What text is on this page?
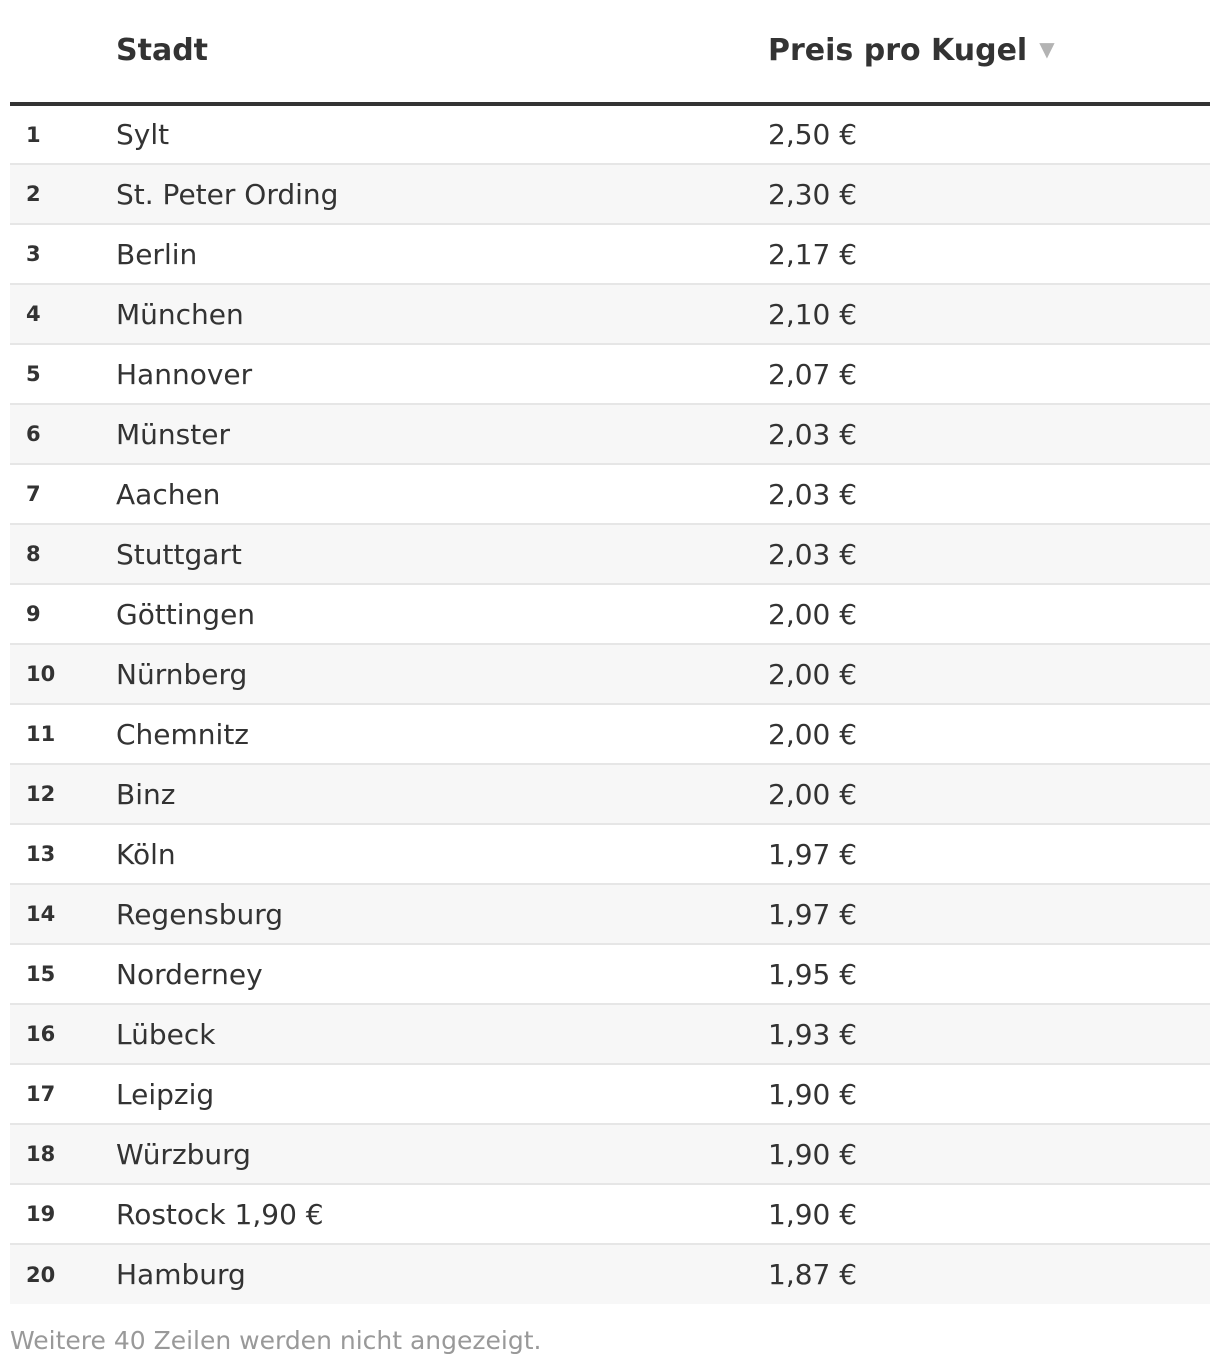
	Stadt	Preis pro Kugel ▼
1	Sylt	2,50 €
2	St. Peter Ording	2,30 €
3	Berlin	2,17 €
4	München	2,10 €
5	Hannover	2,07 €
6	Münster	2,03 €
7	Aachen	2,03 €
8	Stuttgart	2,03 €
9	Göttingen	2,00 €
10	Nürnberg	2,00 €
11	Chemnitz	2,00 €
12	Binz	2,00 €
13	Köln	1,97 €
14	Regensburg	1,97 €
15	Norderney	1,95 €
16	Lübeck	1,93 €
17	Leipzig	1,90 €
18	Würzburg	1,90 €
19	Rostock 1,90 €	1,90 €
20	Hamburg	1,87 €
Weitere 40 Zeilen werden nicht angezeigt.
